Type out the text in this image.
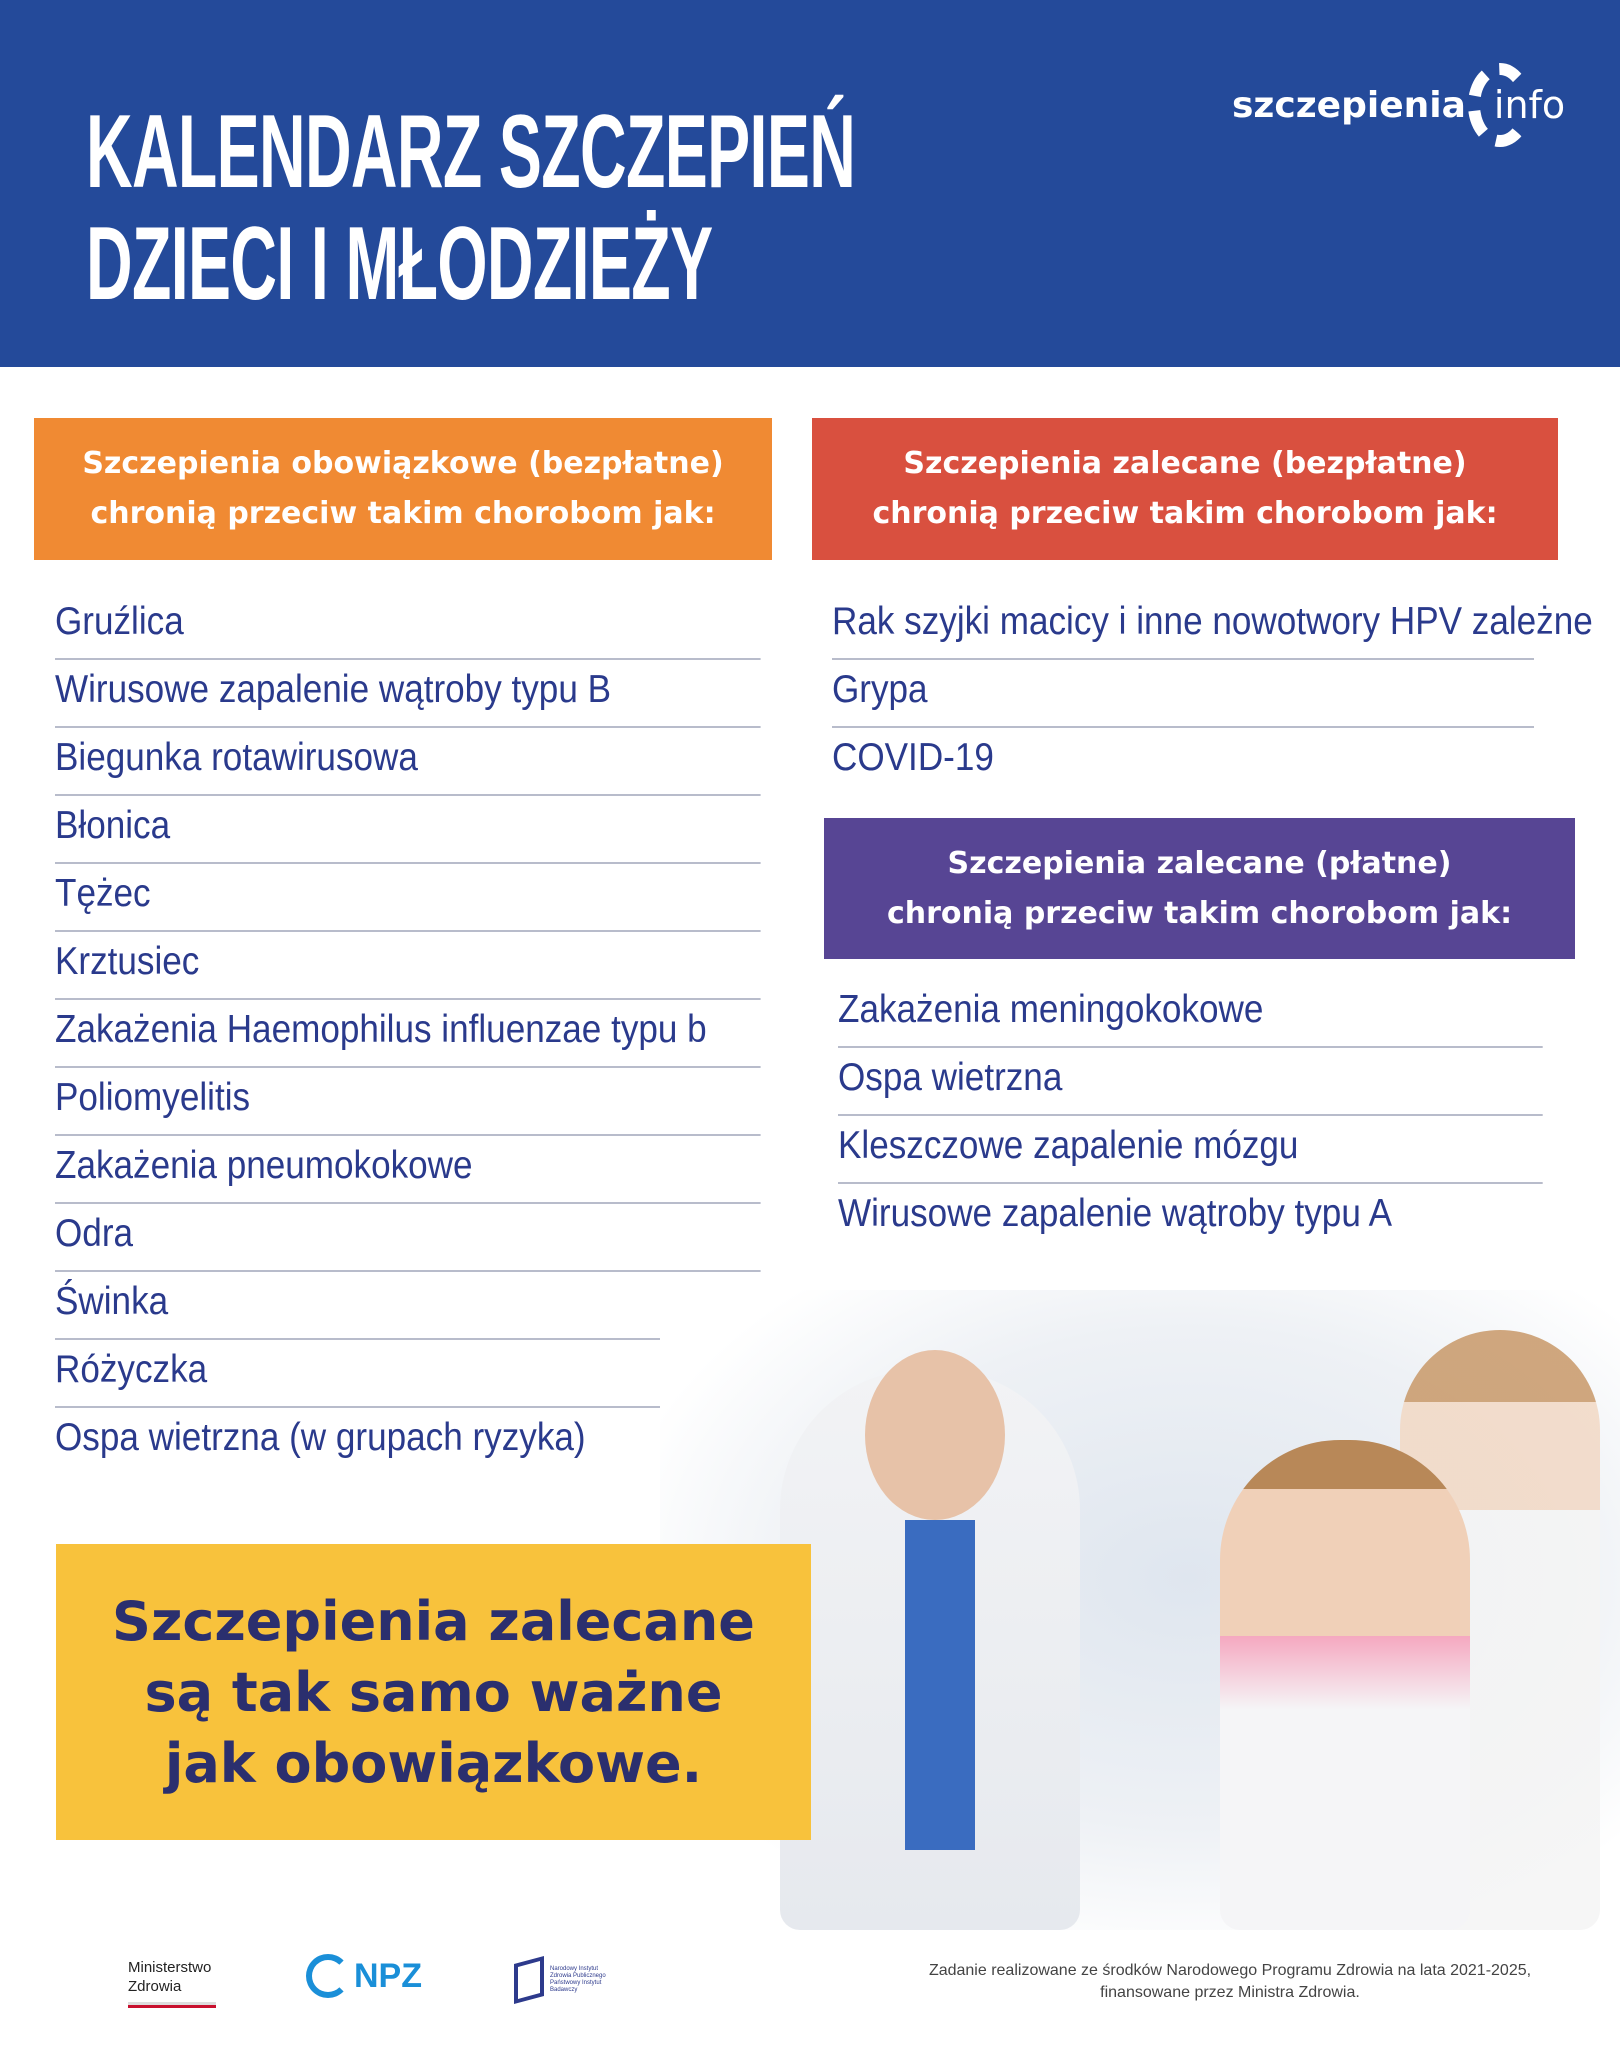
KALENDARZ SZCZEPIEŃ
DZIECI I MŁODZIEŻY
szczepienia info
Szczepienia obowiązkowe (bezpłatne)
chronią przeciw takim chorobom jak:
Gruźlica
Wirusowe zapalenie wątroby typu B
Biegunka rotawirusowa
Błonica
Tężec
Krztusiec
Zakażenia Haemophilus influenzae typu b
Poliomyelitis
Zakażenia pneumokokowe
Odra
Świnka
Różyczka
Ospa wietrzna (w grupach ryzyka)
Szczepienia zalecane (bezpłatne)
chronią przeciw takim chorobom jak:
Rak szyjki macicy i inne nowotwory HPV zależne
Grypa
COVID-19
Szczepienia zalecane (płatne)
chronią przeciw takim chorobom jak:
Zakażenia meningokokowe
Ospa wietrzna
Kleszczowe zapalenie mózgu
Wirusowe zapalenie wątroby typu A
Szczepienia zalecane
są tak samo ważne
jak obowiązkowe.
Ministerstwo
Zdrowia	NPZ	Narodowy Instytut Zdrowia Publicznego Państwowy Instytut Badawczy
Zadanie realizowane ze środków Narodowego Programu Zdrowia na lata 2021-2025,
finansowane przez Ministra Zdrowia.
